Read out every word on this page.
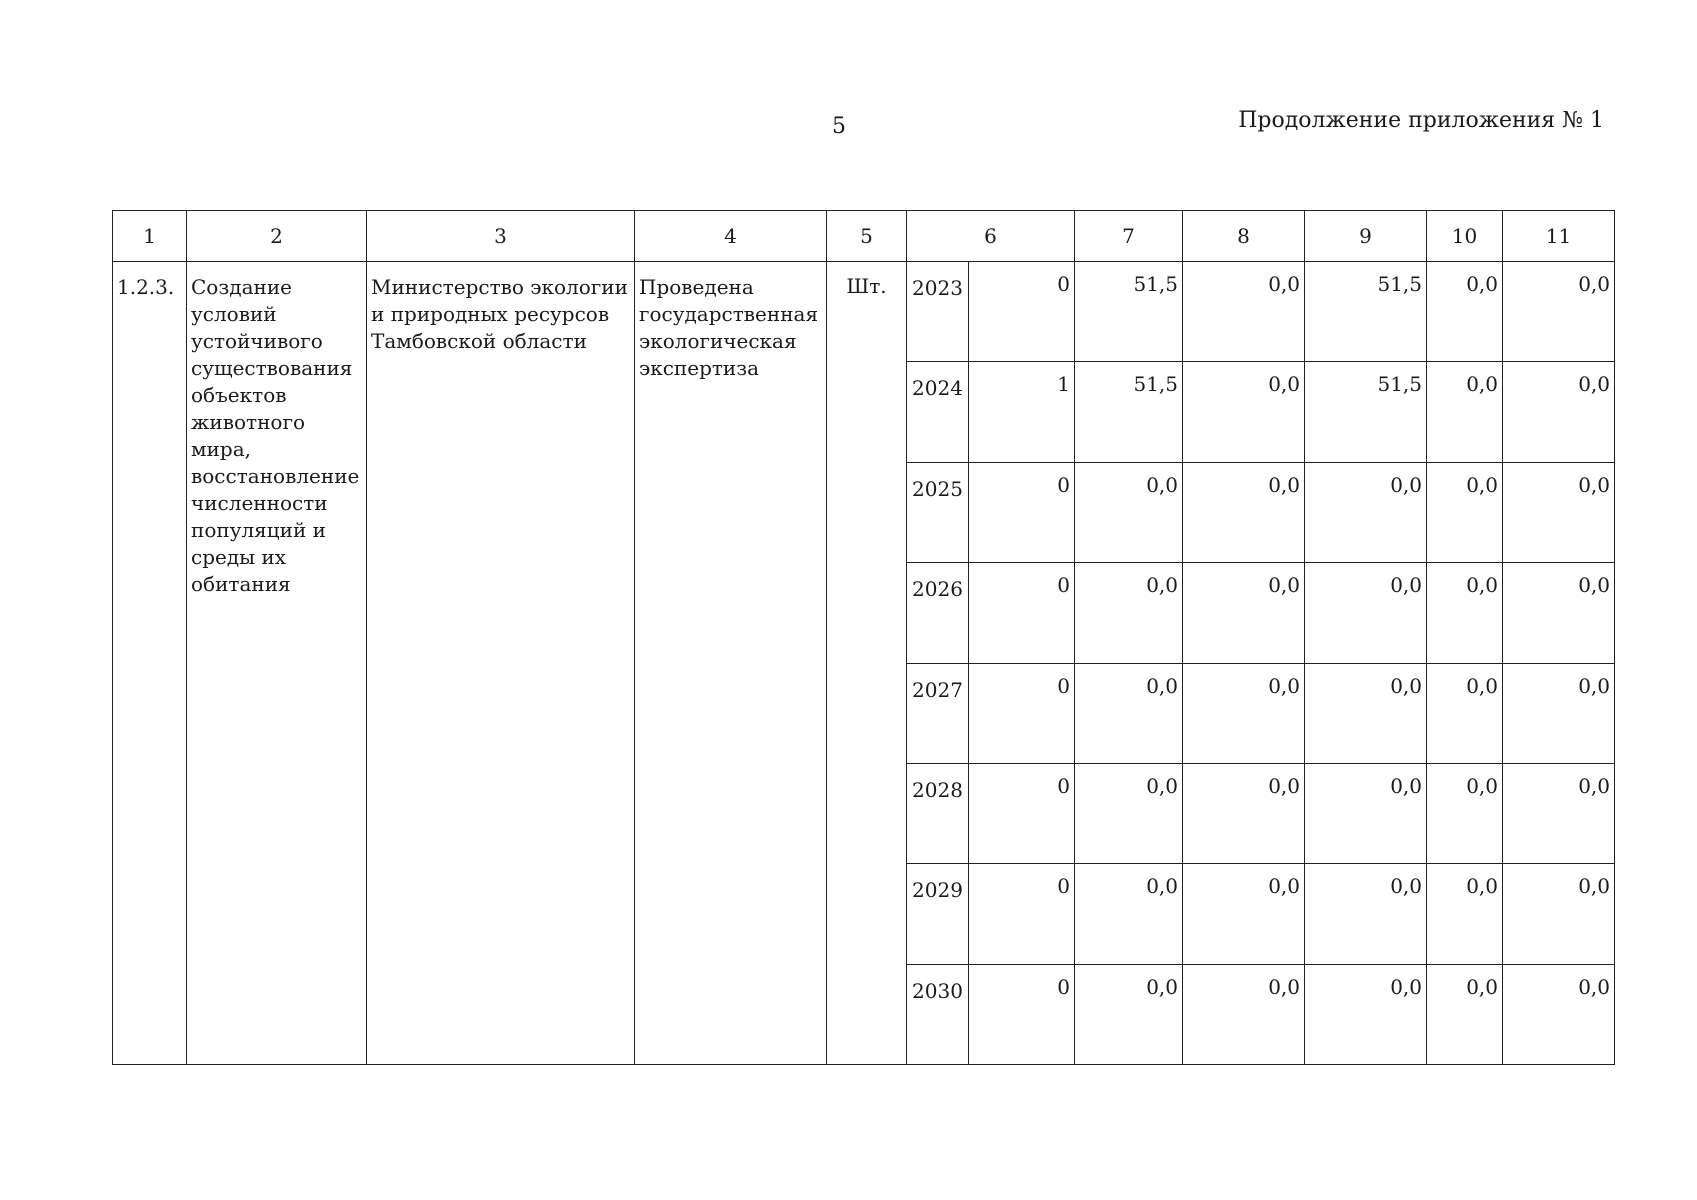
5	Продолжение приложения № 1
1	2	3	4	5	6		7	8	9	10	11

1.2.3.	Создание условий устойчивого существования объектов животного мира, восстановление численности популяций и среды их обитания	Министерство экологии и природных ресурсов Тамбовской области	Проведена государственная экологическая экспертиза	Шт.	2023	0	51,5	0,0	51,5	0,0	0,0
					2024	1	51,5	0,0	51,5	0,0	0,0
					2025	0	0,0	0,0	0,0	0,0	0,0
					2026	0	0,0	0,0	0,0	0,0	0,0
					2027	0	0,0	0,0	0,0	0,0	0,0
					2028	0	0,0	0,0	0,0	0,0	0,0
					2029	0	0,0	0,0	0,0	0,0	0,0
					2030	0	0,0	0,0	0,0	0,0	0,0
